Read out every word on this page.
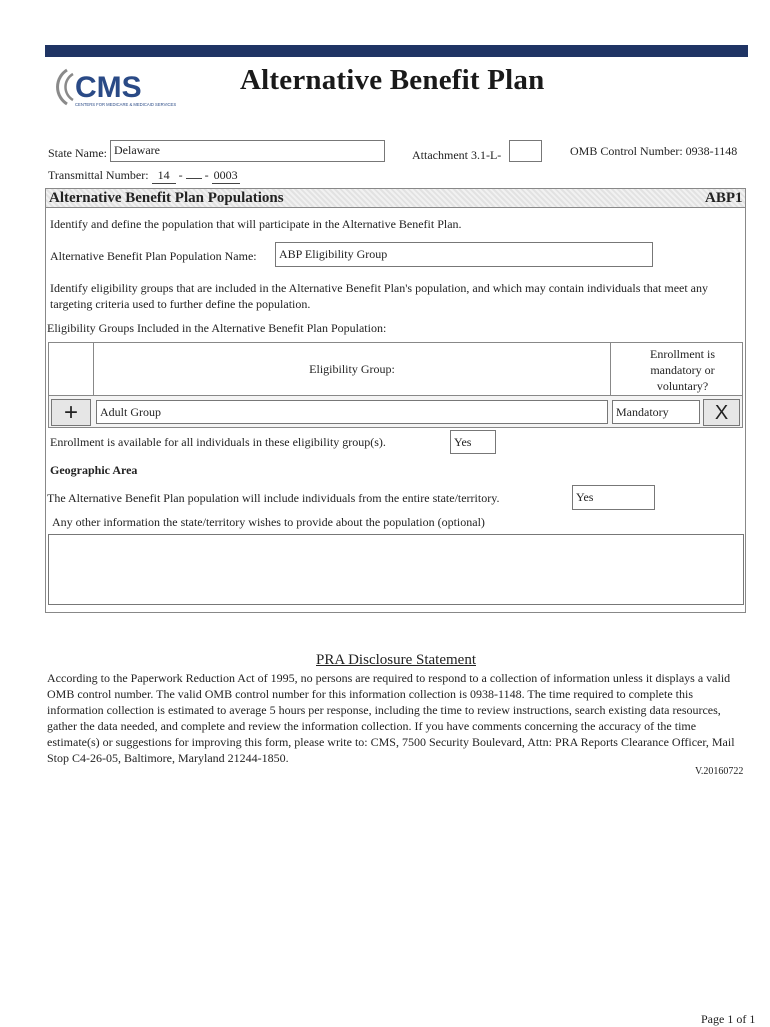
CMS
CENTERS FOR MEDICARE & MEDICAID SERVICES
Alternative Benefit Plan
State Name: Delaware	Attachment 3.1-L-	OMB Control Number: 0938-1148
Transmittal Number: 14 - - 0003
Alternative Benefit Plan Populations	ABP1
Identify and define the population that will participate in the Alternative Benefit Plan.
Alternative Benefit Plan Population Name:	ABP Eligibility Group
Identify eligibility groups that are included in the Alternative Benefit Plan's population, and which may contain individuals that meet any targeting criteria used to further define the population.
Eligibility Groups Included in the Alternative Benefit Plan Population:
Eligibility Group:
Enrollment is mandatory or voluntary?
+	Adult Group	Mandatory	X
Enrollment is available for all individuals in these eligibility group(s).	Yes
Geographic Area
The Alternative Benefit Plan population will include individuals from the entire state/territory.	Yes
Any other information the state/territory wishes to provide about the population (optional)
PRA Disclosure Statement
According to the Paperwork Reduction Act of 1995, no persons are required to respond to a collection of information unless it displays a valid OMB control number. The valid OMB control number for this information collection is 0938-1148. The time required to complete this information collection is estimated to average 5 hours per response, including the time to review instructions, search existing data resources, gather the data needed, and complete and review the information collection. If you have comments concerning the accuracy of the time estimate(s) or suggestions for improving this form, please write to: CMS, 7500 Security Boulevard, Attn: PRA Reports Clearance Officer, Mail Stop C4-26-05, Baltimore, Maryland 21244-1850.
V.20160722
Page 1 of 1
